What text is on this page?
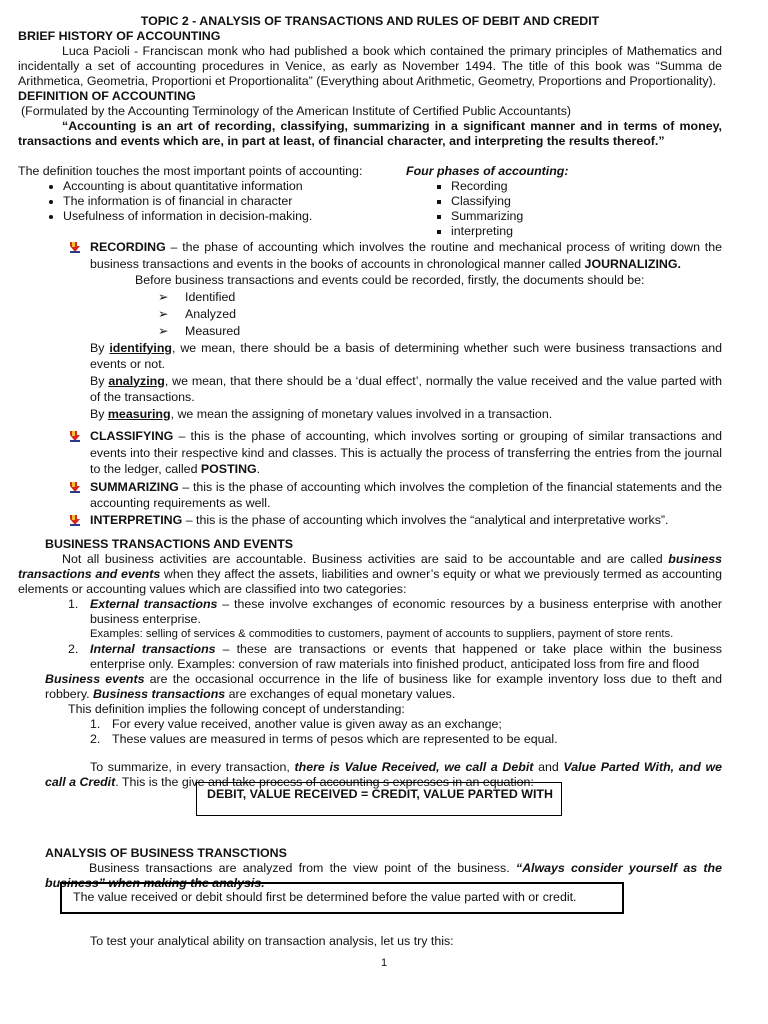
TOPIC 2 - ANALYSIS OF TRANSACTIONS AND RULES OF DEBIT AND CREDIT
BRIEF HISTORY OF ACCOUNTING

Luca Pacioli - Franciscan monk who had published a book which contained the primary principles of Mathematics and incidentally a set of accounting procedures in Venice, as early as November 1494. The title of this book was “Summa de Arithmetica, Geometria, Proportioni et Proportionalita” (Everything about Arithmetic, Geometry, Proportions and Proportionality).

DEFINITION OF ACCOUNTING

(Formulated by the Accounting Terminology of the American Institute of Certified Public Accountants)

“Accounting is an art of recording, classifying, summarizing in a significant manner and in terms of money, transactions and events which are, in part at least, of financial character, and interpreting the results thereof.”

The definition touches the most important points of accounting:

• Accounting is about quantitative information
• The information is of financial in character
• Usefulness of information in decision-making.
Four phases of accounting:
▪ Recording
▪ Classifying
▪ Summarizing
▪ interpreting
RECORDING – the phase of accounting which involves the routine and mechanical process of writing down the business transactions and events in the books of accounts in chronological manner called JOURNALIZING.

Before business transactions and events could be recorded, firstly, the documents should be:

➢ Identified
➢ Analyzed
➢ Measured

By identifying, we mean, there should be a basis of determining whether such were business transactions and events or not.

By analyzing, we mean, that there should be a ‘dual effect’, normally the value received and the value parted with of the transactions.

By measuring, we mean the assigning of monetary values involved in a transaction.

CLASSIFYING – this is the phase of accounting, which involves sorting or grouping of similar transactions and events into their respective kind and classes. This is actually the process of transferring the entries from the journal to the ledger, called POSTING.
SUMMARIZING – this is the phase of accounting which involves the completion of the financial statements and the accounting requirements as well.
INTERPRETING – this is the phase of accounting which involves the “analytical and interpretative works”.
BUSINESS TRANSACTIONS AND EVENTS

Not all business activities are accountable. Business activities are said to be accountable and are called business transactions and events when they affect the assets, liabilities and owner’s equity or what we previously termed as accounting elements or accounting values which are classified into two categories:

1. External transactions – these involve exchanges of economic resources by a business enterprise with another business enterprise.

Examples: selling of services & commodities to customers, payment of accounts to suppliers, payment of store rents.

2. Internal transactions – these are transactions or events that happened or take place within the business enterprise only. Examples: conversion of raw materials into finished product, anticipated loss from fire and flood

Business events are the occasional occurrence in the life of business like for example inventory loss due to theft and robbery. Business transactions are exchanges of equal monetary values.

This definition implies the following concept of understanding:

1. For every value received, another value is given away as an exchange;
2. These values are measured in terms of pesos which are represented to be equal.

To summarize, in every transaction, there is Value Received, we call a Debit and Value Parted With, and we call a Credit. This is the give and take process of accounting s expresses in an equation:

DEBIT, VALUE RECEIVED = CREDIT, VALUE PARTED WITH
ANALYSIS OF BUSINESS TRANSCTIONS

Business transactions are analyzed from the view point of the business. “Always consider yourself as the business” when making the analysis.

The value received or debit should first be determined before the value parted with or credit.

To test your analytical ability on transaction analysis, let us try this:

1
